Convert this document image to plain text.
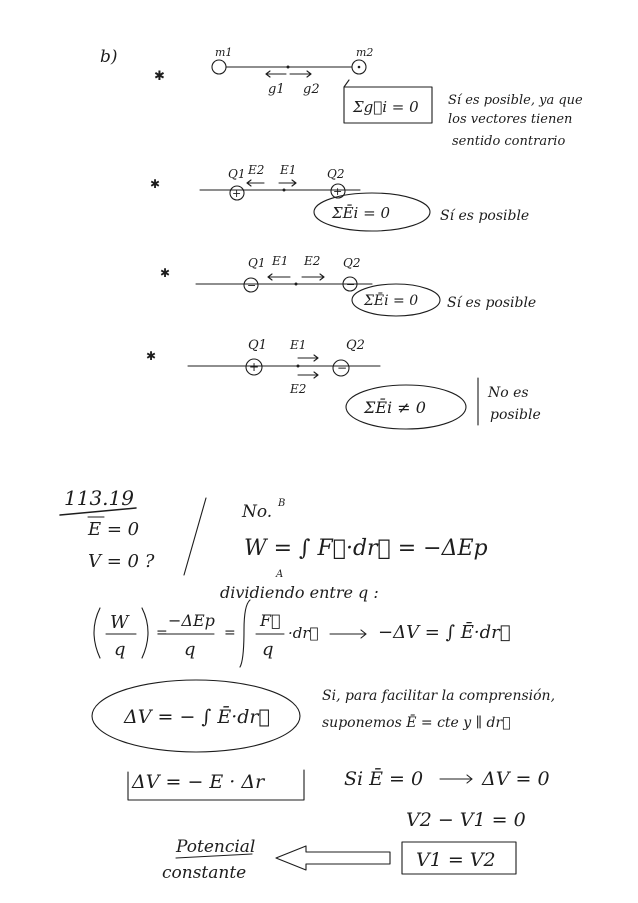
b)
✱
m1	m2
g1 g2
Σg⃗i = 0 Sí es posible, ya que
los vectores tienen
sentido contrario
✱
Q1 E2 E1	Q2
+	+
ΣĒi = 0	Sí es posible
✱
Q1 E1 E2 Q2
−	−
ΣĒi = 0 Sí es posible
✱
Q1 E1	Q2
+	−
E2
ΣĒi ≠ 0
No es
posible
113.19
E = 0
V = 0 ?
No.
W = ∫ F⃗·dr⃗ = −ΔEp
B
A
dividiendo entre q :
W
q
=
−ΔEp
q
=
F⃗
q
·dr⃗	−ΔV = ∫ Ē·dr⃗
ΔV = − ∫ Ē·dr⃗
Si, para facilitar la comprensión,
suponemos Ē = cte y ∥ dr⃗
ΔV = − E · Δr	Si Ē = 0	ΔV = 0
V2 − V1 = 0
V1 = V2
Potencial
constante
